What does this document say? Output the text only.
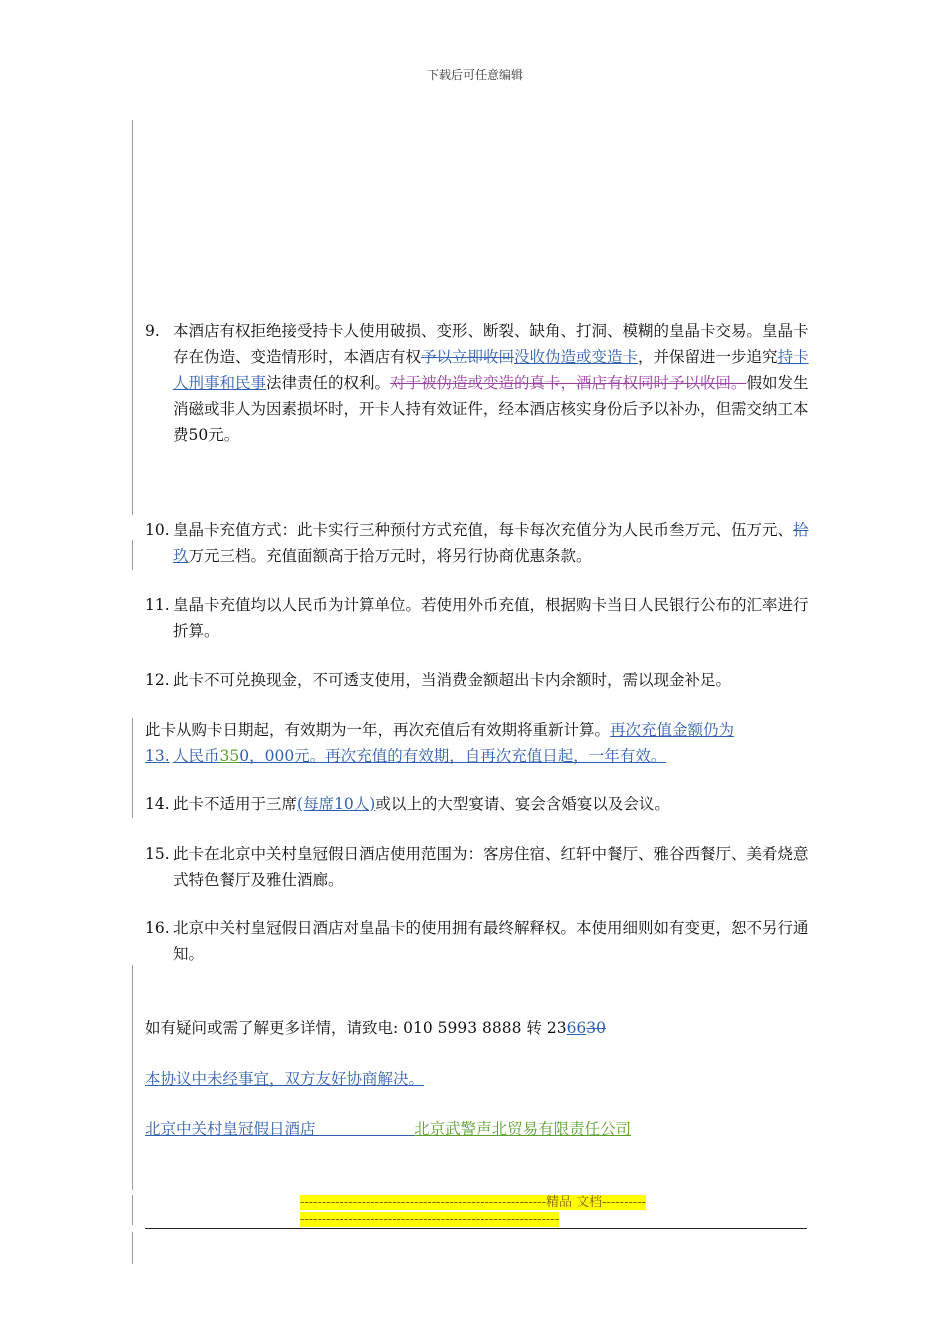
下载后可任意编辑
9. 本酒店有权拒绝接受持卡人使用破损、变形、断裂、缺角、打洞、模糊的皇晶卡交易。皇晶卡存在伪造、变造情形时，本酒店有权予以立即收回没收伪造或变造卡，并保留进一步追究持卡人刑事和民事法律责任的权利。对于被伪造或变造的真卡，酒店有权同时予以收回。假如发生消磁或非人为因素损坏时，开卡人持有效证件，经本酒店核实身份后予以补办，但需交纳工本费50元。
10. 皇晶卡充值方式：此卡实行三种预付方式充值，每卡每次充值分为人民币叁万元、伍万元、拾玖万元三档。充值面额高于拾万元时，将另行协商优惠条款。
11. 皇晶卡充值均以人民币为计算单位。若使用外币充值，根据购卡当日人民银行公布的汇率进行折算。
12. 此卡不可兑换现金，不可透支使用，当消费金额超出卡内余额时，需以现金补足。
此卡从购卡日期起，有效期为一年，再次充值后有效期将重新计算。再次充值金额仍为
13. 人民币350，000元。再次充值的有效期，自再次充值日起，一年有效。
14. 此卡不适用于三席(每席10人)或以上的大型宴请、宴会含婚宴以及会议。
15. 此卡在北京中关村皇冠假日酒店使用范围为：客房住宿、红轩中餐厅、雅谷西餐厅、美肴烧意式特色餐厅及雅仕酒廊。
16. 北京中关村皇冠假日酒店对皇晶卡的使用拥有最终解释权。本使用细则如有变更，恕不另行通知。
如有疑问或需了解更多详情，请致电: 010 5993 8888 转 236630
本协议中未经事宜，双方友好协商解决。
北京中关村皇冠假日酒店	北京武警声北贸易有限责任公司
--------------------------------------------------------精品 文档---------------------------------------------------------------------
